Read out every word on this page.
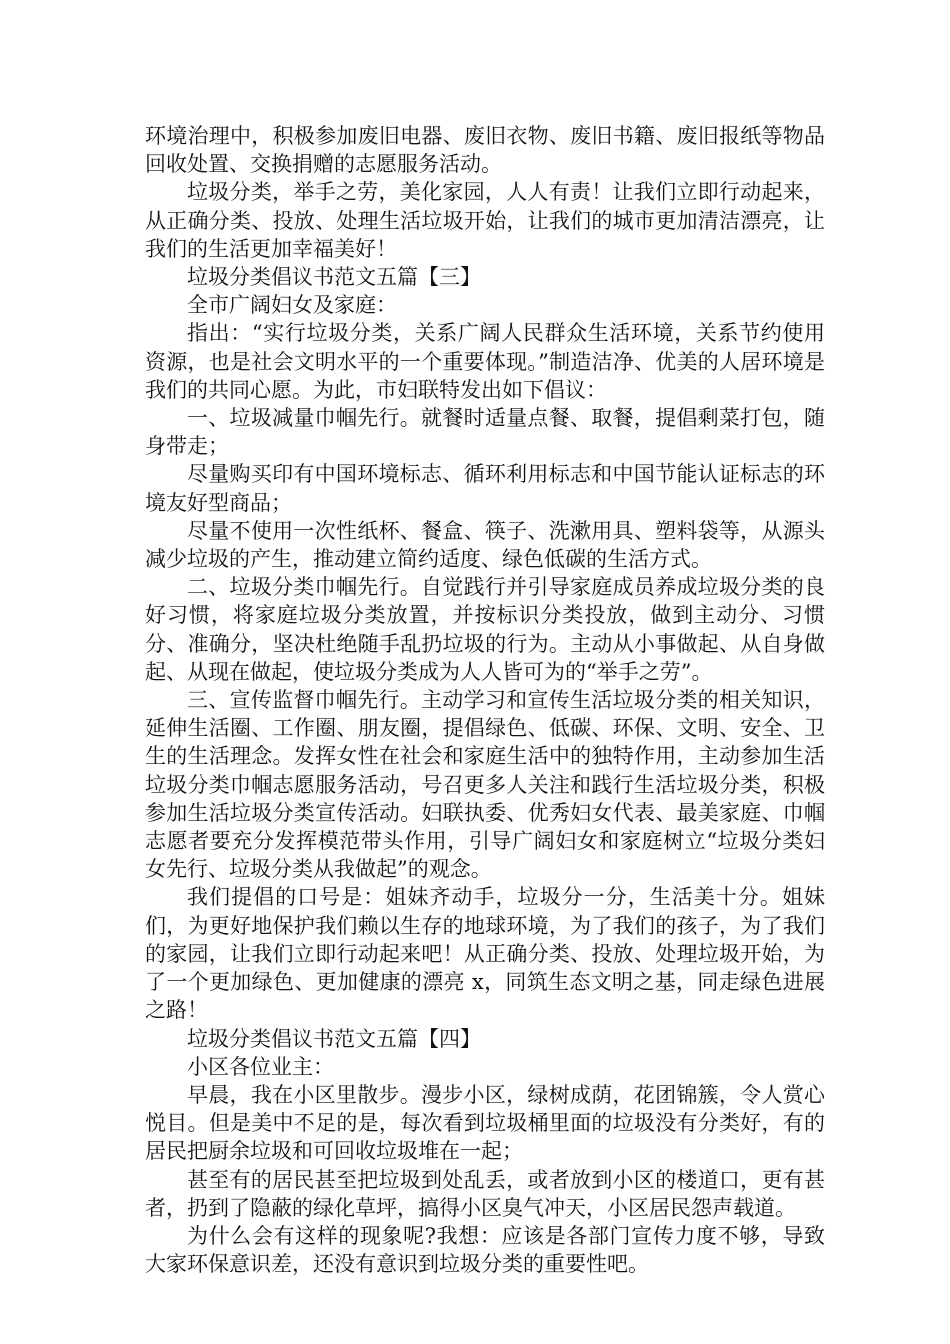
环境治理中，积极参加废旧电器、废旧衣物、废旧书籍、废旧报纸等物品回收处置、交换捐赠的志愿服务活动。

垃圾分类，举手之劳，美化家园，人人有责！让我们立即行动起来，从正确分类、投放、处理生活垃圾开始，让我们的城市更加清洁漂亮，让我们的生活更加幸福美好！

垃圾分类倡议书范文五篇【三】

全市广阔妇女及家庭：

指出：“实行垃圾分类，关系广阔人民群众生活环境，关系节约使用资源，也是社会文明水平的一个重要体现。”制造洁净、优美的人居环境是我们的共同心愿。为此，市妇联特发出如下倡议：

一、垃圾减量巾帼先行。就餐时适量点餐、取餐，提倡剩菜打包，随身带走；

尽量购买印有中国环境标志、循环利用标志和中国节能认证标志的环境友好型商品；

尽量不使用一次性纸杯、餐盒、筷子、洗漱用具、塑料袋等，从源头减少垃圾的产生，推动建立简约适度、绿色低碳的生活方式。

二、垃圾分类巾帼先行。自觉践行并引导家庭成员养成垃圾分类的良好习惯，将家庭垃圾分类放置，并按标识分类投放，做到主动分、习惯分、准确分，坚决杜绝随手乱扔垃圾的行为。主动从小事做起、从自身做起、从现在做起，使垃圾分类成为人人皆可为的“举手之劳”。

三、宣传监督巾帼先行。主动学习和宣传生活垃圾分类的相关知识，延伸生活圈、工作圈、朋友圈，提倡绿色、低碳、环保、文明、安全、卫生的生活理念。发挥女性在社会和家庭生活中的独特作用，主动参加生活垃圾分类巾帼志愿服务活动，号召更多人关注和践行生活垃圾分类，积极参加生活垃圾分类宣传活动。妇联执委、优秀妇女代表、最美家庭、巾帼志愿者要充分发挥模范带头作用，引导广阔妇女和家庭树立“垃圾分类妇女先行、垃圾分类从我做起”的观念。

我们提倡的口号是：姐妹齐动手，垃圾分一分，生活美十分。姐妹们，为更好地保护我们赖以生存的地球环境，为了我们的孩子，为了我们的家园，让我们立即行动起来吧！从正确分类、投放、处理垃圾开始，为了一个更加绿色、更加健康的漂亮 x，同筑生态文明之基，同走绿色进展之路！

垃圾分类倡议书范文五篇【四】

小区各位业主：

早晨，我在小区里散步。漫步小区，绿树成荫，花团锦簇，令人赏心悦目。但是美中不足的是，每次看到垃圾桶里面的垃圾没有分类好，有的居民把厨余垃圾和可回收垃圾堆在一起；

甚至有的居民甚至把垃圾到处乱丢，或者放到小区的楼道口，更有甚者，扔到了隐蔽的绿化草坪，搞得小区臭气冲天，小区居民怨声载道。

为什么会有这样的现象呢?我想：应该是各部门宣传力度不够，导致大家环保意识差，还没有意识到垃圾分类的重要性吧。
